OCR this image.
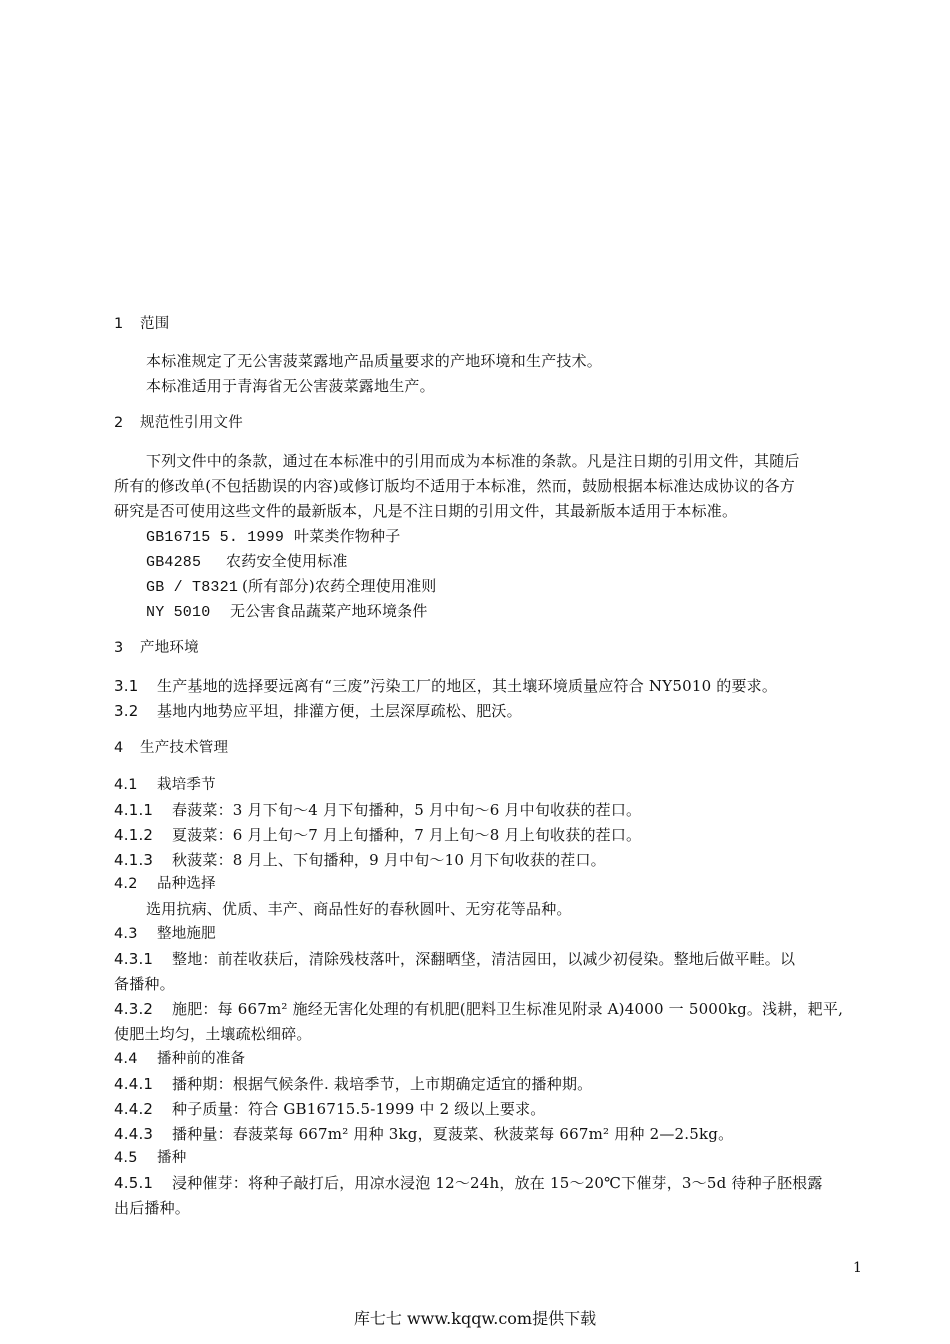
1 范围
本标准规定了无公害菠菜露地产品质量要求的产地环境和生产技术。
本标准适用于青海省无公害菠菜露地生产。
2 规范性引用文件
下列文件中的条款，通过在本标准中的引用而成为本标准的条款。凡是注日期的引用文件，其随后
所有的修改单(不包括勘误的内容)或修订版均不适用于本标准，然而，鼓励根据本标准达成协议的各方
研究是否可使用这些文件的最新版本，凡是不注日期的引用文件，其最新版本适用于本标准。
GB16715 5. 1999 叶菜类作物种子
GB4285 农药安全使用标准
GB / T8321 (所有部分)农药仝理使用准则
NY 5010 无公害食品蔬菜产地环境条件
3 产地环境
3.1 生产基地的选择要远离有“三废”污染工厂的地区，其土壤环境质量应符合 NY5010 的要求。
3.2 基地内地势应平坦，排灌方便，土层深厚疏松、肥沃。
4 生产技术管理
4.1 栽培季节
4.1.1 春菠菜：3 月下旬～4 月下旬播种，5 月中旬～6 月中旬收获的茬口。
4.1.2 夏菠菜：6 月上旬～7 月上旬播种，7 月上旬～8 月上旬收获的茬口。
4.1.3 秋菠菜：8 月上、下旬播种，9 月中旬～10 月下旬收获的茬口。
4.2 品种选择
选用抗病、优质、丰产、商品性好的春秋圆叶、无穷花等品种。
4.3 整地施肥
4.3.1 整地：前茬收获后，清除残枝落叶，深翻晒垡，清洁园田，以减少初侵染。整地后做平畦。以
备播种。
4.3.2 施肥：每 667m² 施经无害化处理的有机肥(肥料卫生标准见附录 A)4000 一 5000kg。浅耕，耙平,
使肥土均匀，土壤疏松细碎。
4.4 播种前的准备
4.4.1 播种期：根据气候条件. 栽培季节，上市期确定适宜的播种期。
4.4.2 种子质量：符合 GB16715.5-1999 中 2 级以上要求。
4.4.3 播种量：春菠菜每 667m² 用种 3kg，夏菠菜、秋菠菜每 667m² 用种 2—2.5kg。
4.5 播种
4.5.1 浸种催芽：将种子敲打后，用凉水浸泡 12～24h，放在 15～20℃下催芽，3～5d 待种子胚根露
出后播种。
1
库七七 www.kqqw.com提供下载
